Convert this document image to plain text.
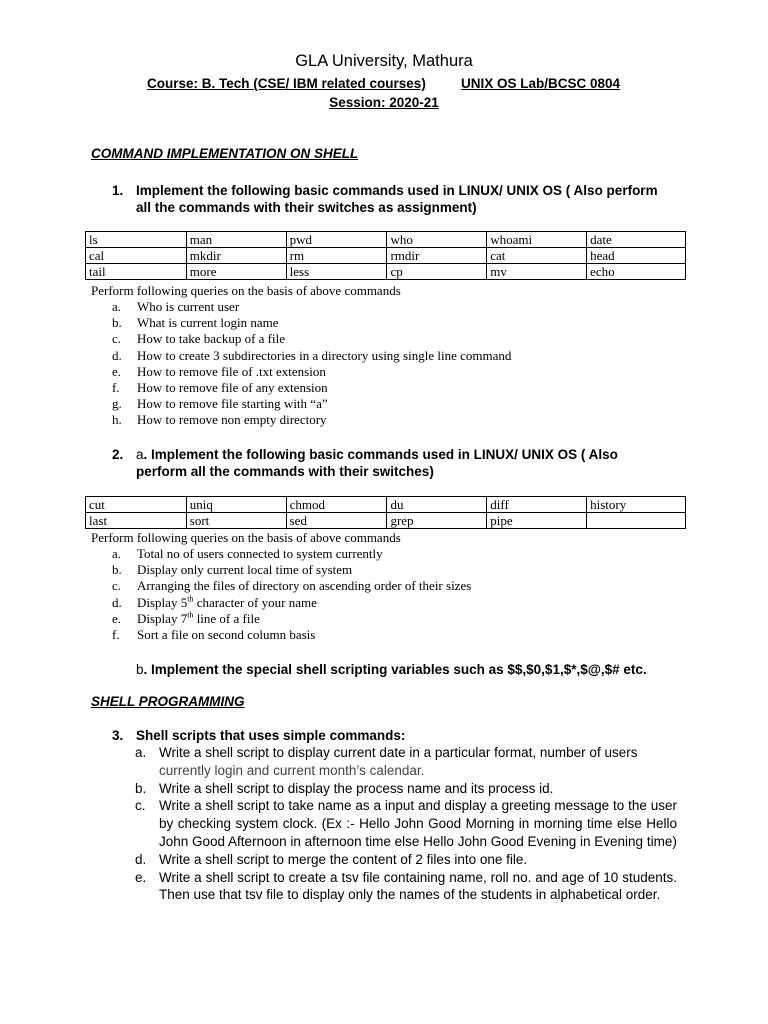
GLA University, Mathura
Course: B. Tech (CSE/ IBM related courses)	UNIX OS Lab/BCSC 0804
Session: 2020-21
COMMAND IMPLEMENTATION ON SHELL
1. Implement the following basic commands used in LINUX/ UNIX OS ( Also perform
all the commands with their switches as assignment)
ls	man	pwd	who	whoami	date
cal	mkdir	rm	rmdir	cat	head
tail	more	less	cp	mv	echo
Perform following queries on the basis of above commands
a. Who is current user
b. What is current login name
c. How to take backup of a file
d. How to create 3 subdirectories in a directory using single line command
e. How to remove file of .txt extension
f. How to remove file of any extension
g. How to remove file starting with “a”
h. How to remove non empty directory
2. a. Implement the following basic commands used in LINUX/ UNIX OS ( Also
perform all the commands with their switches)
cut	uniq	chmod	du	diff	history
last	sort	sed	grep	pipe	
Perform following queries on the basis of above commands
a. Total no of users connected to system currently
b. Display only current local time of system
c. Arranging the files of directory on ascending order of their sizes
d. Display 5th character of your name
e. Display 7th line of a file
f. Sort a file on second column basis
b. Implement the special shell scripting variables such as $$,$0,$1,$*,$@,$# etc.
SHELL PROGRAMMING
3. Shell scripts that uses simple commands:
a. Write a shell script to display current date in a particular format, number of users
currently login and current month’s calendar.
b. Write a shell script to display the process name and its process id.
c. Write a shell script to take name as a input and display a greeting message to the user by checking system clock. (Ex :- Hello John Good Morning in morning time else Hello John Good Afternoon in afternoon time else Hello John Good Evening in Evening time)
d. Write a shell script to merge the content of 2 files into one file.
e. Write a shell script to create a tsv file containing name, roll no. and age of 10 students. Then use that tsv file to display only the names of the students in alphabetical order.
